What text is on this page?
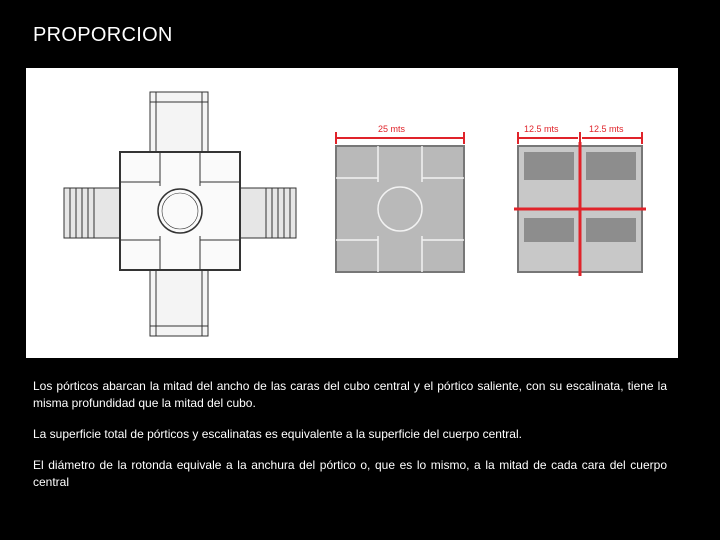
PROPORCION
25 mts	12.5 mts	12.5 mts

Los pórticos abarcan la mitad del ancho de las caras del cubo central y el pórtico saliente, con su escalinata, tiene la misma profundidad que la mitad del cubo.

La superficie total de pórticos y escalinatas es equivalente a la superficie del cuerpo central.

El diámetro de la rotonda equivale a la anchura del pórtico o, que es lo mismo, a la mitad de cada cara del cuerpo central
